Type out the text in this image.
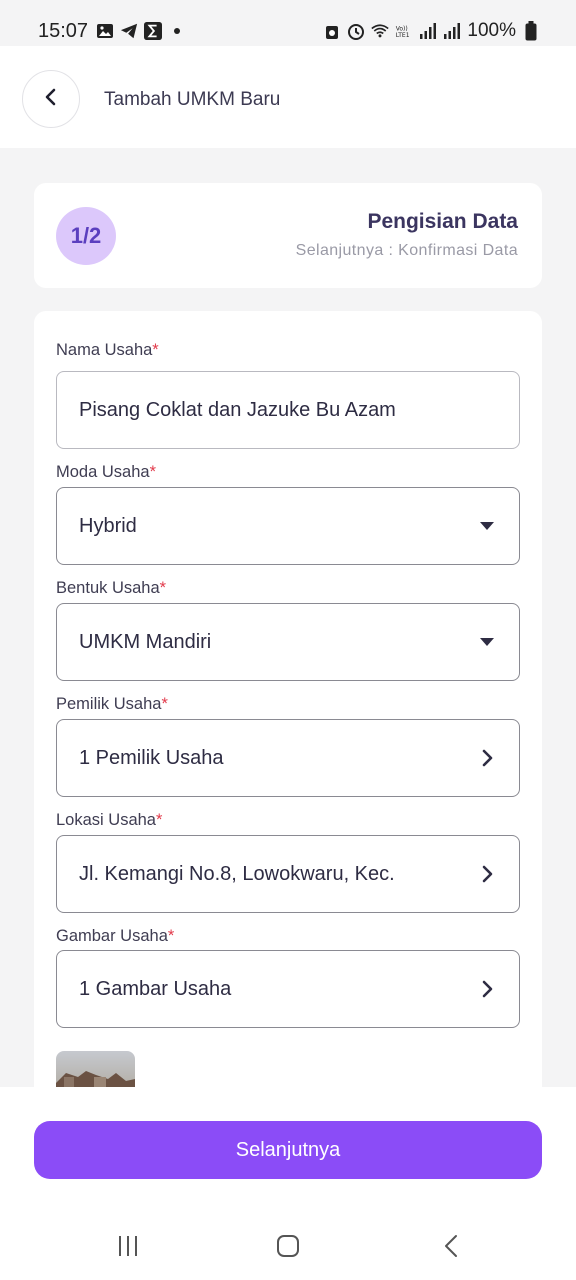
15:07	Vo))
LTE1	100%
Tambah UMKM Baru
1/2
Pengisian Data
Selanjutnya : Konfirmasi Data
Nama Usaha*
Pisang Coklat dan Jazuke Bu Azam
Moda Usaha*
Hybrid
Bentuk Usaha*
UMKM Mandiri
Pemilik Usaha*
1 Pemilik Usaha
Lokasi Usaha*
Jl. Kemangi No.8, Lowokwaru, Kec.
Gambar Usaha*
1 Gambar Usaha
Selanjutnya
